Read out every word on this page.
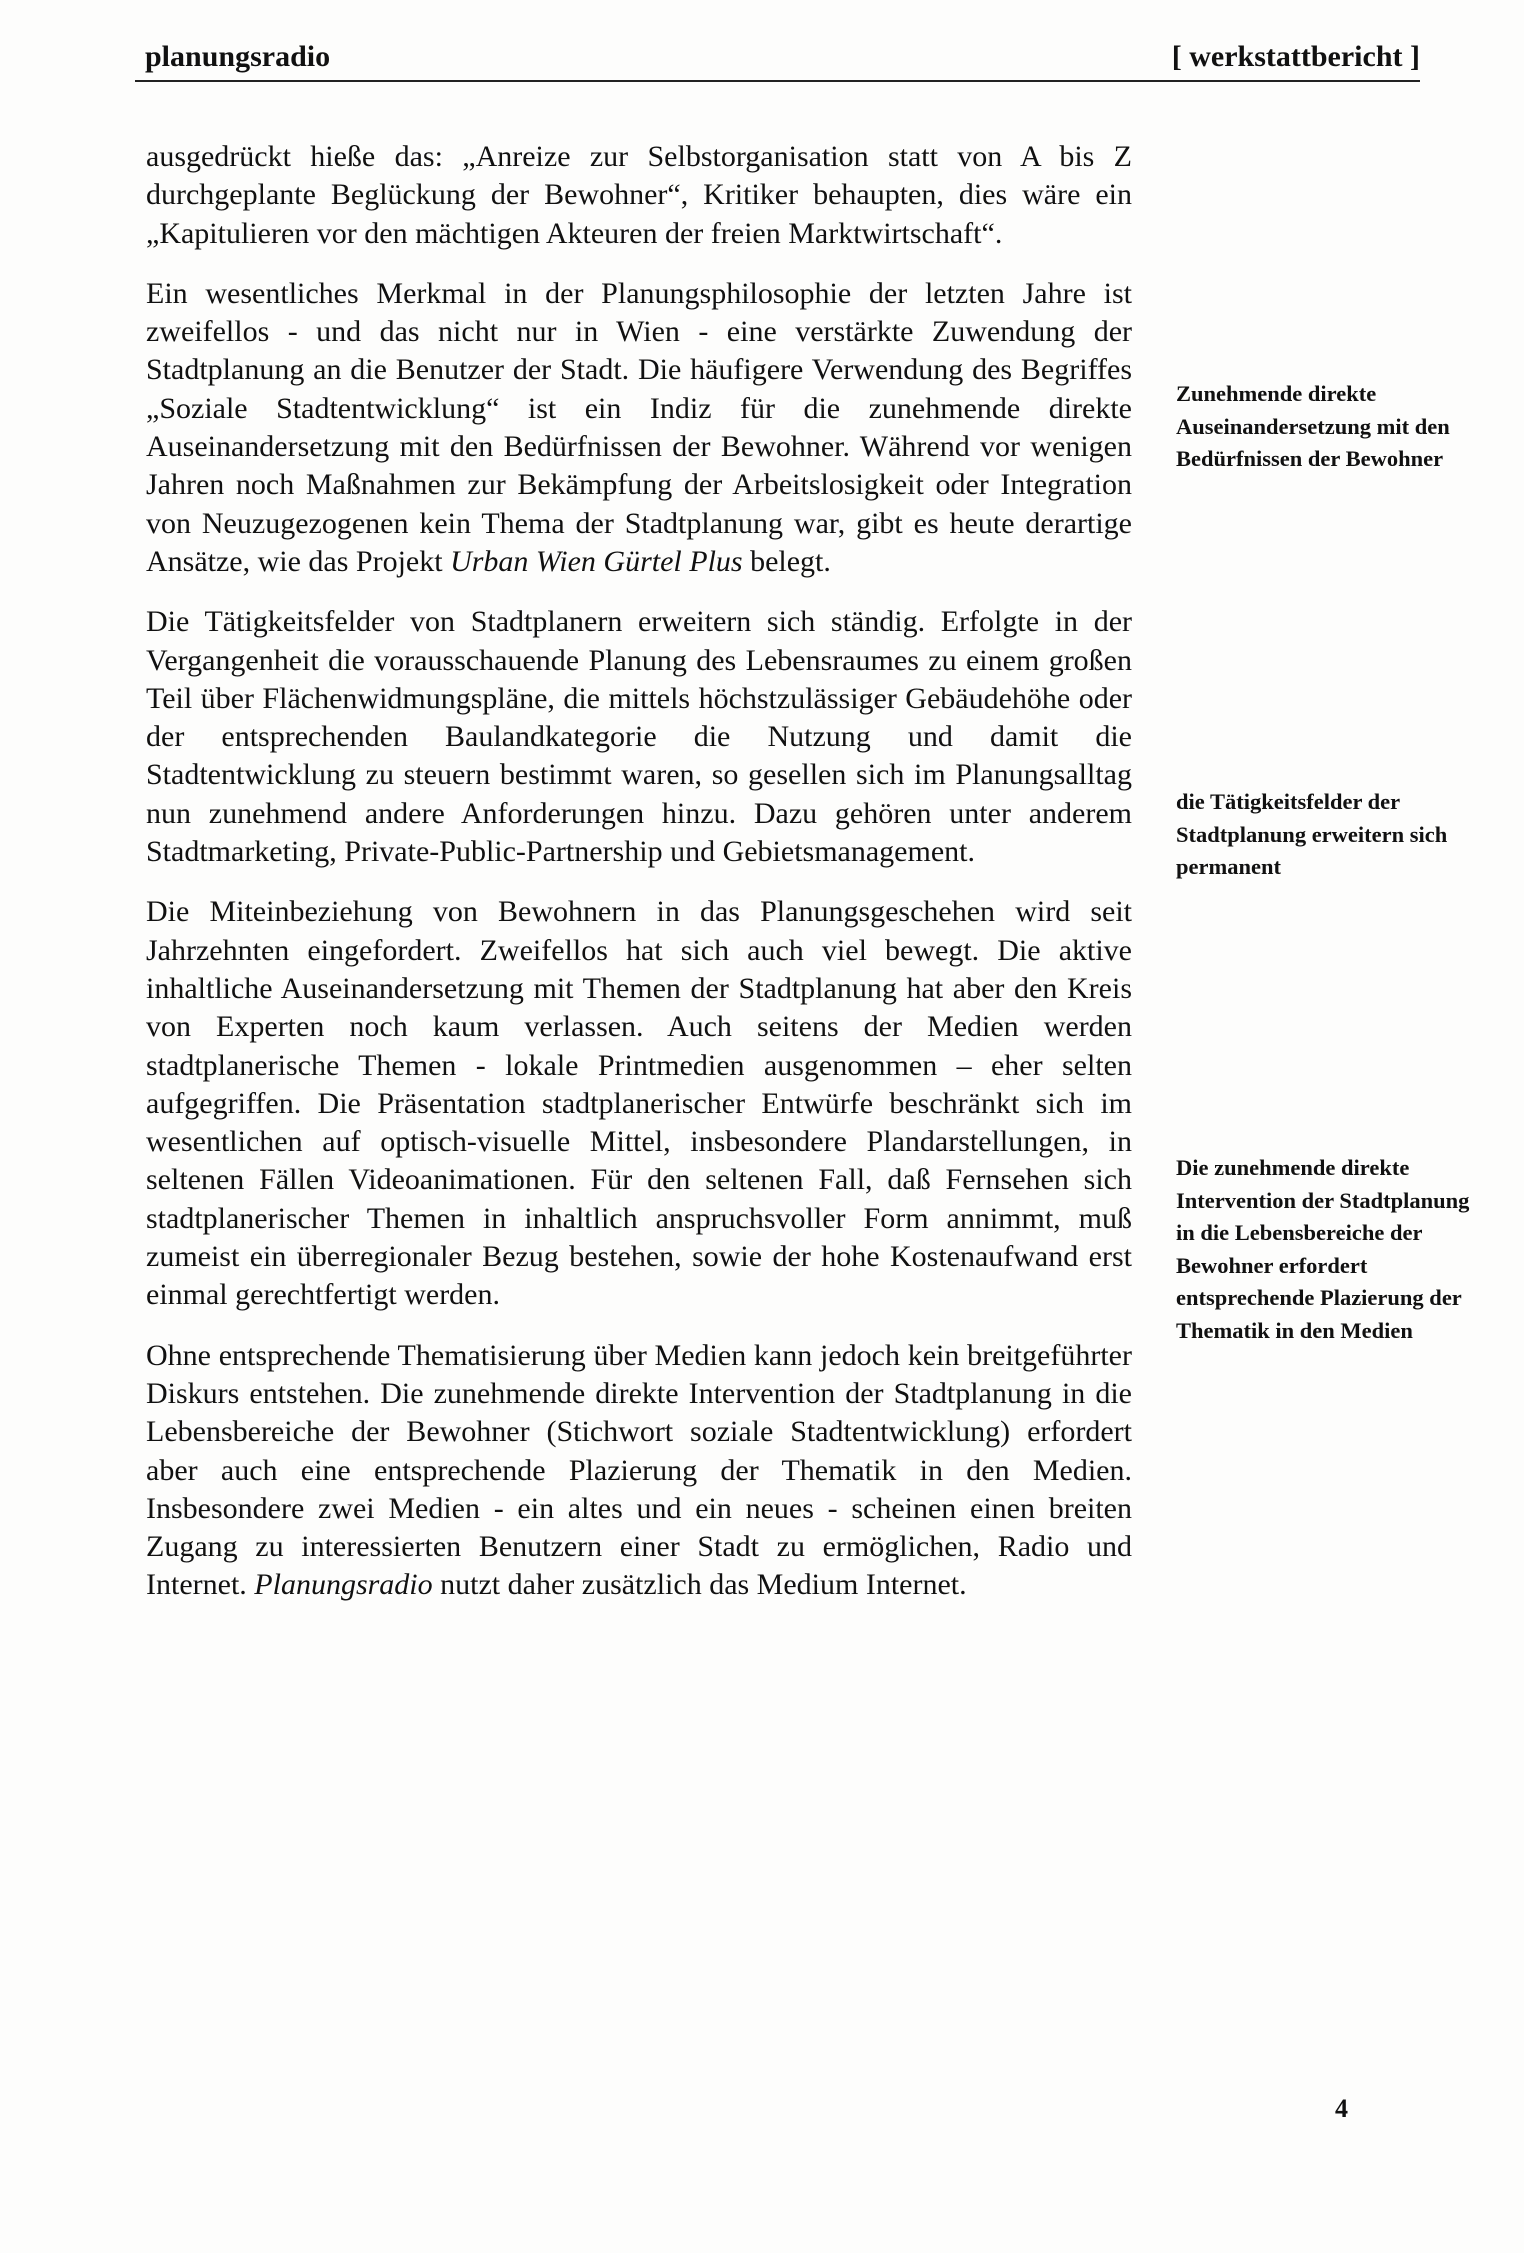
planungsradio	[ werkstattbericht ]

ausgedrückt hieße das: „Anreize zur Selbstorganisation statt von A bis Z durchgeplante Beglückung der Bewohner“, Kritiker behaupten, dies wäre ein „Kapitulieren vor den mächtigen Akteuren der freien Marktwirtschaft“.

Ein wesentliches Merkmal in der Planungsphilosophie der letzten Jahre ist zweifellos - und das nicht nur in Wien - eine verstärkte Zuwendung der Stadtplanung an die Benutzer der Stadt. Die häufigere Verwendung des Begriffes „Soziale Stadtentwicklung“ ist ein Indiz für die zunehmende direkte Auseinandersetzung mit den Bedürfnissen der Bewohner. Während vor wenigen Jahren noch Maßnahmen zur Bekämpfung der Arbeitslosigkeit oder Integration von Neuzugezogenen kein Thema der Stadtplanung war, gibt es heute derartige Ansätze, wie das Projekt Urban Wien Gürtel Plus belegt.

Die Tätigkeitsfelder von Stadtplanern erweitern sich ständig. Erfolgte in der Vergangenheit die vorausschauende Planung des Lebensraumes zu einem großen Teil über Flächenwidmungspläne, die mittels höchstzulässiger Gebäudehöhe oder der entsprechenden Baulandkategorie die Nutzung und damit die Stadtentwicklung zu steuern bestimmt waren, so gesellen sich im Planungsalltag nun zunehmend andere Anforderungen hinzu. Dazu gehören unter anderem Stadtmarketing, Private-Public-Partnership und Gebietsmanagement.

Die Miteinbeziehung von Bewohnern in das Planungsgeschehen wird seit Jahrzehnten eingefordert. Zweifellos hat sich auch viel bewegt. Die aktive inhaltliche Auseinandersetzung mit Themen der Stadtplanung hat aber den Kreis von Experten noch kaum verlassen. Auch seitens der Medien werden stadtplanerische Themen - lokale Printmedien ausgenommen – eher selten aufgegriffen. Die Präsentation stadtplanerischer Entwürfe beschränkt sich im wesentlichen auf optisch-visuelle Mittel, insbesondere Plandarstellungen, in seltenen Fällen Videoanimationen. Für den seltenen Fall, daß Fernsehen sich stadtplanerischer Themen in inhaltlich anspruchsvoller Form annimmt, muß zumeist ein überregionaler Bezug bestehen, sowie der hohe Kostenaufwand erst einmal gerechtfertigt werden.

Ohne entsprechende Thematisierung über Medien kann jedoch kein breitgeführter Diskurs entstehen. Die zunehmende direkte Intervention der Stadtplanung in die Lebensbereiche der Bewohner (Stichwort soziale Stadtentwicklung) erfordert aber auch eine entsprechende Plazierung der Thematik in den Medien. Insbesondere zwei Medien - ein altes und ein neues - scheinen einen breiten Zugang zu interessierten Benutzern einer Stadt zu ermöglichen, Radio und Internet. Planungsradio nutzt daher zusätzlich das Medium Internet.

Zunehmende direkte Auseinandersetzung mit den Bedürfnissen der Bewohner
die Tätigkeitsfelder der Stadtplanung erweitern sich permanent
Die zunehmende direkte Intervention der Stadtplanung in die Lebensbereiche der Bewohner erfordert entsprechende Plazierung der Thematik in den Medien
4
